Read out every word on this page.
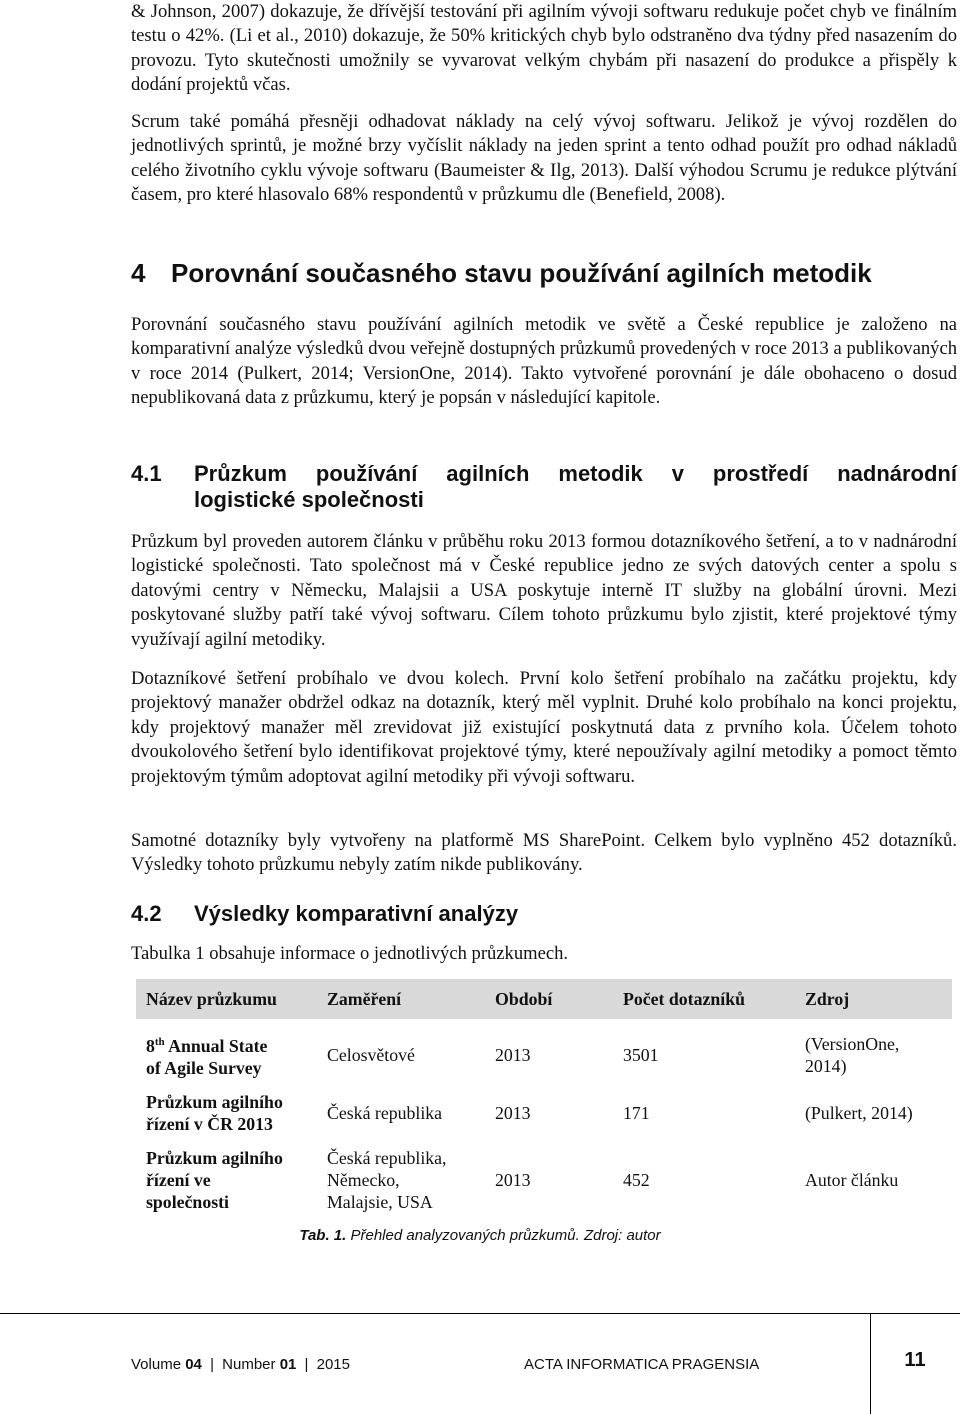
& Johnson, 2007) dokazuje, že dřívější testování při agilním vývoji softwaru redukuje počet chyb ve finálním testu o 42%. (Li et al., 2010) dokazuje, že 50% kritických chyb bylo odstraněno dva týdny před nasazením do provozu. Tyto skutečnosti umožnily se vyvarovat velkým chybám při nasazení do produkce a přispěly k dodání projektů včas.

Scrum také pomáhá přesněji odhadovat náklady na celý vývoj softwaru. Jelikož je vývoj rozdělen do jednotlivých sprintů, je možné brzy vyčíslit náklady na jeden sprint a tento odhad použít pro odhad nákladů celého životního cyklu vývoje softwaru (Baumeister & Ilg, 2013). Další výhodou Scrumu je redukce plýtvání časem, pro které hlasovalo 68% respondentů v průzkumu dle (Benefield, 2008).

4 Porovnání současného stavu používání agilních metodik

Porovnání současného stavu používání agilních metodik ve světě a České republice je založeno na komparativní analýze výsledků dvou veřejně dostupných průzkumů provedených v roce 2013 a publikovaných v roce 2014 (Pulkert, 2014; VersionOne, 2014). Takto vytvořené porovnání je dále obohaceno o dosud nepublikovaná data z průzkumu, který je popsán v následující kapitole.

4.1 Průzkum používání agilních metodik v prostředí nadnárodní
logistické společnosti

Průzkum byl proveden autorem článku v průběhu roku 2013 formou dotazníkového šetření, a to v nadnárodní logistické společnosti. Tato společnost má v České republice jedno ze svých datových center a spolu s datovými centry v Německu, Malajsii a USA poskytuje interně IT služby na globální úrovni. Mezi poskytované služby patří také vývoj softwaru. Cílem tohoto průzkumu bylo zjistit, které projektové týmy využívají agilní metodiky.

Dotazníkové šetření probíhalo ve dvou kolech. První kolo šetření probíhalo na začátku projektu, kdy projektový manažer obdržel odkaz na dotazník, který měl vyplnit. Druhé kolo probíhalo na konci projektu, kdy projektový manažer měl zrevidovat již existující poskytnutá data z prvního kola. Účelem tohoto dvoukolového šetření bylo identifikovat projektové týmy, které nepoužívaly agilní metodiky a pomoct těmto projektovým týmům adoptovat agilní metodiky při vývoji softwaru.

Samotné dotazníky byly vytvořeny na platformě MS SharePoint. Celkem bylo vyplněno 452 dotazníků. Výsledky tohoto průzkumu nebyly zatím nikde publikovány.

4.2 Výsledky komparativní analýzy

Tabulka 1 obsahuje informace o jednotlivých průzkumech.

Název průzkumu	Zaměření	Období	Počet dotazníků	Zdroj

8th Annual State
of Agile Survey	Celosvětové	2013	3501	(VersionOne, 2014)

Průzkum agilního
řízení v ČR 2013	Česká republika	2013	171	(Pulkert, 2014)

Průzkum agilního
řízení ve
společnosti	Česká republika,
Německo,
Malajsie, USA	2013	452	Autor článku
Tab. 1. Přehled analyzovaných průzkumů. Zdroj: autor
Volume 04 | Number 01 | 2015	ACTA INFORMATICA PRAGENSIA	11
